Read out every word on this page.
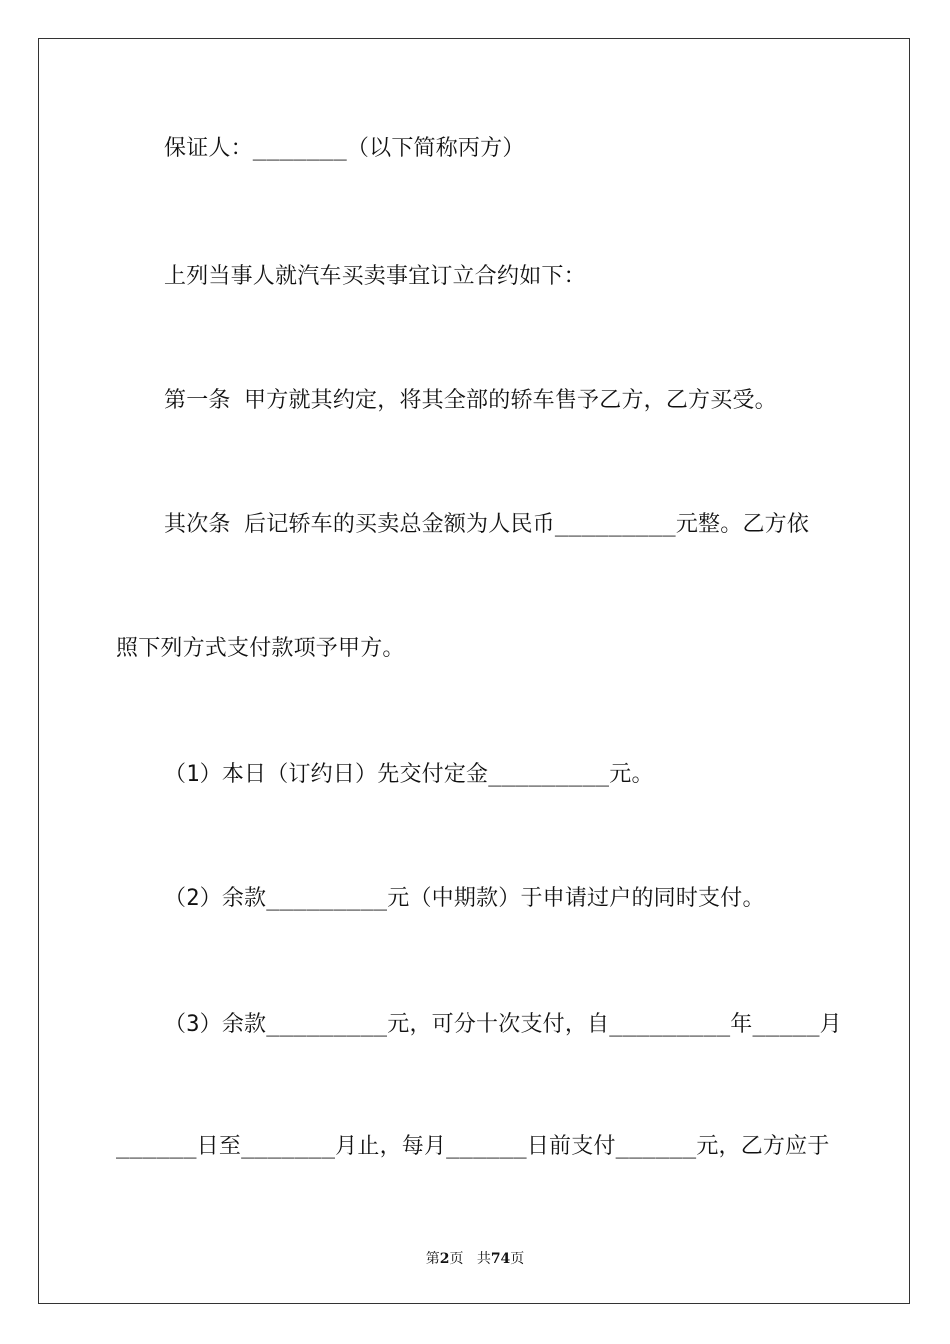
保证人：_______（以下简称丙方）
上列当事人就汽车买卖事宜订立合约如下：
第一条 甲方就其约定，将其全部的轿车售予乙方，乙方买受。
其次条 后记轿车的买卖总金额为人民币_________元整。乙方依
照下列方式支付款项予甲方。
（1）本日（订约日）先交付定金_________元。
（2）余款_________元（中期款）于申请过户的同时支付。
（3）余款_________元，可分十次支付，自_________年_____月
______日至_______月止，每月______日前支付______元，乙方应于
第2页 共74页
